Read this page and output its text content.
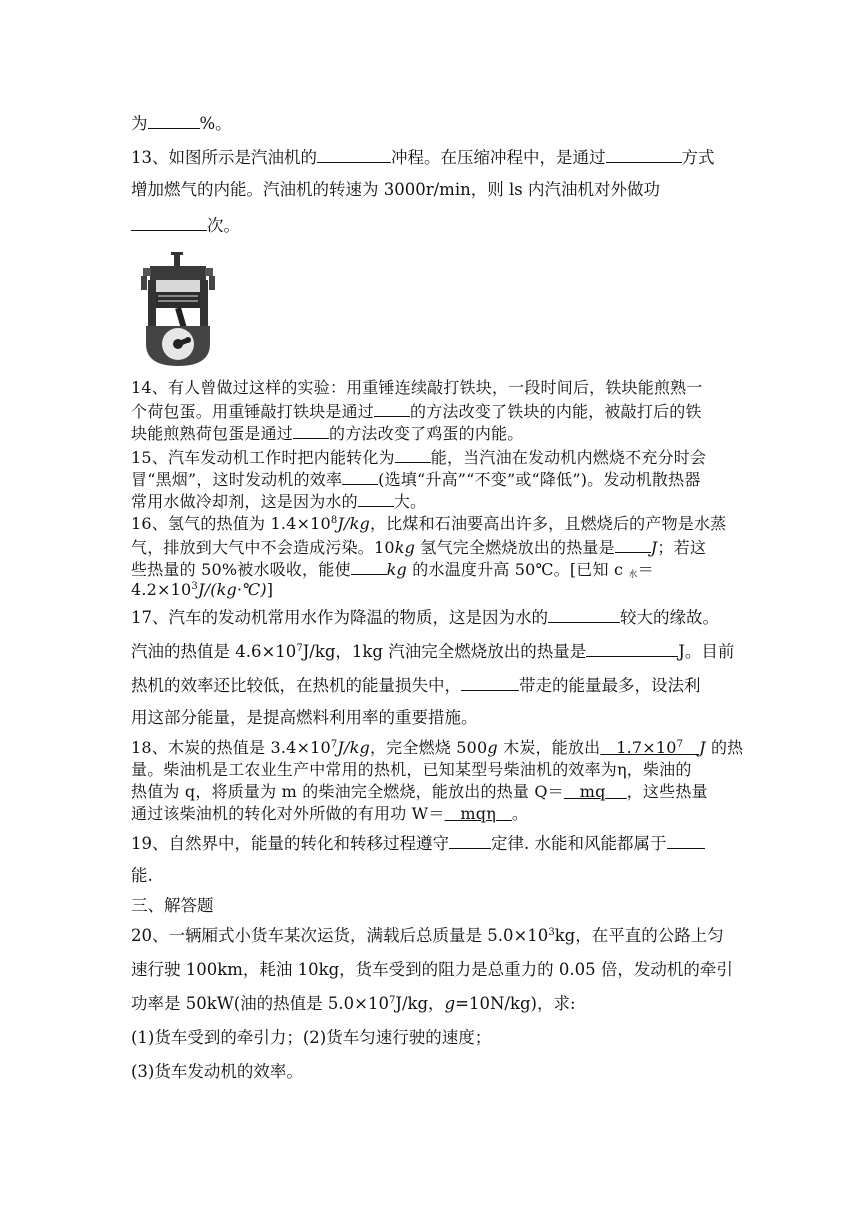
为	%。
13、如图所示是汽油机的	冲程。在压缩冲程中，是通过	方式
增加燃气的内能。汽油机的转速为 3000r/min，则 ls 内汽油机对外做功
次。
14、有人曾做过这样的实验：用重锤连续敲打铁块，一段时间后，铁块能煎熟一
个荷包蛋。用重锤敲打铁块是通过 的方法改变了铁块的内能，被敲打后的铁
块能煎熟荷包蛋是通过 的方法改变了鸡蛋的内能。
15、汽车发动机工作时把内能转化为 能，当汽油在发动机内燃烧不充分时会
冒“黑烟”，这时发动机的效率 (选填“升高”“不变”或“降低”)。发动机散热器
常用水做冷却剂，这是因为水的 大。
16、氢气的热值为 $1.4\times 10^8J/kg$，比煤和石油要高出许多，且燃烧后的产物是水蒸
气，排放到大气中不会造成污染。10kg 氢气完全燃烧放出的热量是 J；若这
些热量的 50%被水吸收，能使 kg 的水温度升高 50℃。[已知 c $_水$＝
$4.2\times 10^3J/(kg\cdot℃)$]
17、汽车的发动机常用水作为降温的物质，这是因为水的	较大的缘故。
汽油的热值是 $4.6\times 10^7J/kg$，1kg 汽油完全燃烧放出的热量是	J。目前
热机的效率还比较低，在热机的能量损失中，	带走的能量最多，设法利
用这部分能量，是提高燃料利用率的重要措施。
18、木炭的热值是 $3.4\times 10^7J/kg$，完全燃烧 500g 木炭，能放出 $1.7\times 10^7$ J 的热
量。柴油机是工农业生产中常用的热机，已知某型号柴油机的效率为η，柴油的
热值为 q，将质量为 m 的柴油完全燃烧，能放出的热量 Q＝ mq ，这些热量
通过该柴油机的转化对外所做的有用功 W＝ mqη 。
19、自然界中，能量的转化和转移过程遵守	定律. 水能和风能都属于
能.
三、解答题
20、一辆厢式小货车某次运货，满载后总质量是 $5.0\times 10^3kg$，在平直的公路上匀
速行驶 100km，耗油 10kg，货车受到的阻力是总重力的 0.05 倍，发动机的牵引
功率是 50kW(油的热值是 $5.0\times 10^7J/kg$，g=10N/kg)，求:
(1)货车受到的牵引力；(2)货车匀速行驶的速度；
(3)货车发动机的效率。
